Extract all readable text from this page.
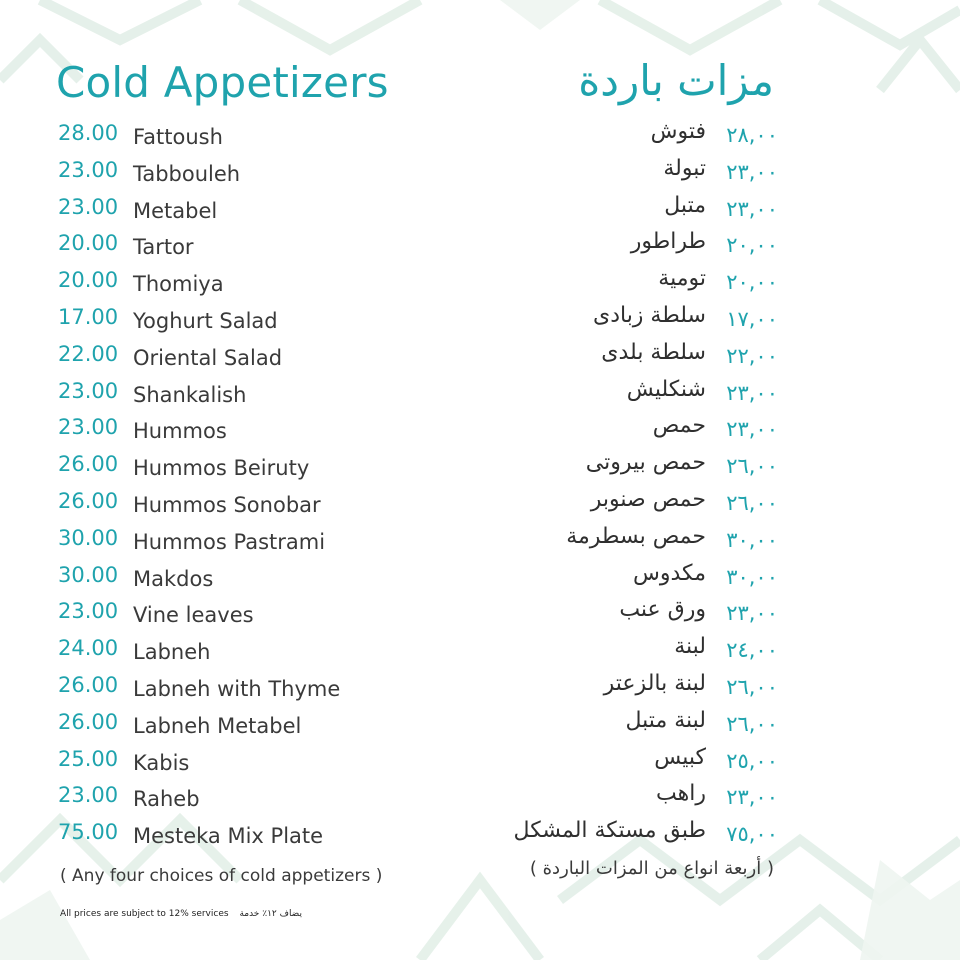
Cold Appetizers	مزات باردة
28.00 Fattoush	فتوش ٢٨,٠٠
23.00 Tabbouleh	تبولة ٢٣,٠٠
23.00 Metabel	متبل ٢٣,٠٠
20.00 Tartor	طراطور ٢٠,٠٠
20.00 Thomiya	تومية ٢٠,٠٠
17.00 Yoghurt Salad	سلطة زبادى ١٧,٠٠
22.00 Oriental Salad	سلطة بلدى ٢٢,٠٠
23.00 Shankalish	شنكليش ٢٣,٠٠
23.00 Hummos	حمص ٢٣,٠٠
26.00 Hummos Beiruty	حمص بيروتى ٢٦,٠٠
26.00 Hummos Sonobar	حمص صنوبر ٢٦,٠٠
30.00 Hummos Pastrami	حمص بسطرمة ٣٠,٠٠
30.00 Makdos	مكدوس ٣٠,٠٠
23.00 Vine leaves	ورق عنب ٢٣,٠٠
24.00 Labneh	لبنة ٢٤,٠٠
26.00 Labneh with Thyme	لبنة بالزعتر ٢٦,٠٠
26.00 Labneh Metabel	لبنة متبل ٢٦,٠٠
25.00 Kabis	كبيس ٢٥,٠٠
23.00 Raheb	راهب ٢٣,٠٠
75.00 Mesteka Mix Plate	طبق مستكة المشكل ٧٥,٠٠
( Any four choices of cold appetizers )	( أربعة انواع من المزات الباردة )
All prices are subject to 12% services يضاف ١٢٪ خدمة
